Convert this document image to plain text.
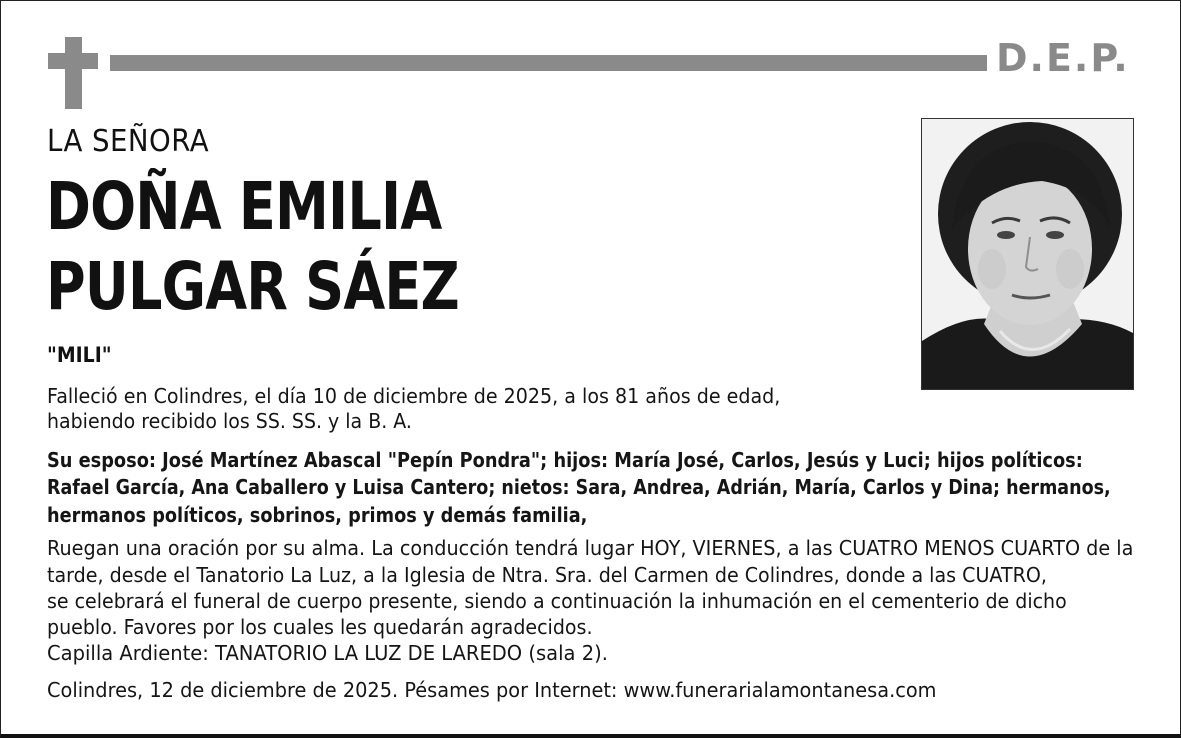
D.E.P.
LA SEÑORA
DOÑA EMILIA
PULGAR SÁEZ
"MILI"
Falleció en Colindres, el día 10 de diciembre de 2025, a los 81 años de edad,
habiendo recibido los SS. SS. y la B. A.
Su esposo: José Martínez Abascal "Pepín Pondra"; hijos: María José, Carlos, Jesús y Luci; hijos políticos:
Rafael García, Ana Caballero y Luisa Cantero; nietos: Sara, Andrea, Adrián, María, Carlos y Dina; hermanos,
hermanos políticos, sobrinos, primos y demás familia,
Ruegan una oración por su alma. La conducción tendrá lugar HOY, VIERNES, a las CUATRO MENOS CUARTO de la
tarde, desde el Tanatorio La Luz, a la Iglesia de Ntra. Sra. del Carmen de Colindres, donde a las CUATRO,
se celebrará el funeral de cuerpo presente, siendo a continuación la inhumación en el cementerio de dicho
pueblo. Favores por los cuales les quedarán agradecidos.
Capilla Ardiente: TANATORIO LA LUZ DE LAREDO (sala 2).
Colindres, 12 de diciembre de 2025. Pésames por Internet: www.funerarialamontanesa.com
